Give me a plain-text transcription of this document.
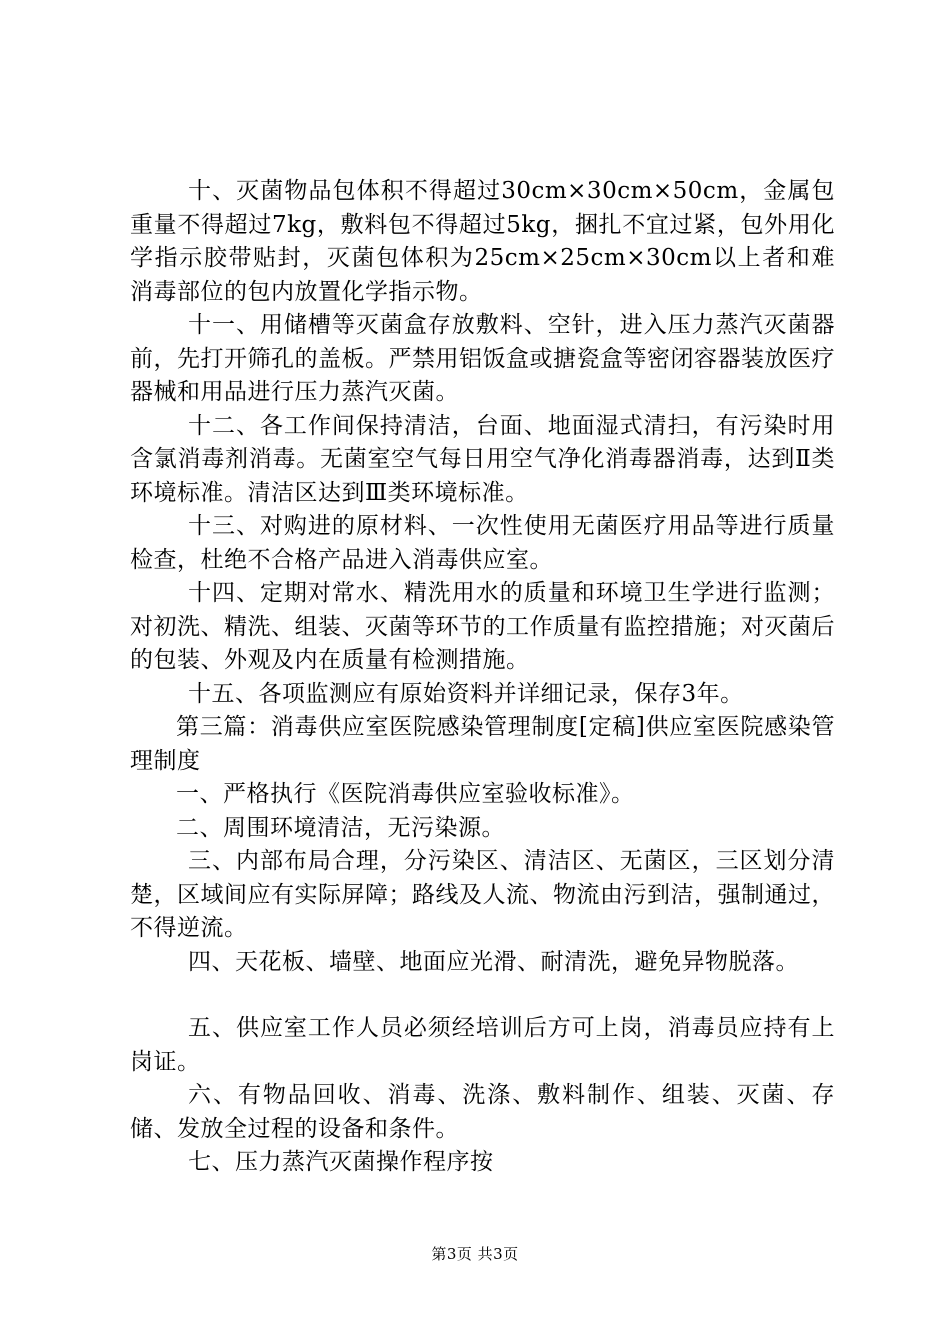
十、灭菌物品包体积不得超过30cm×30cm×50cm，金属包重量不得超过7kg，敷料包不得超过5kg，捆扎不宜过紧，包外用化学指示胶带贴封，灭菌包体积为25cm×25cm×30cm以上者和难消毒部位的包内放置化学指示物。

十一、用储槽等灭菌盒存放敷料、空针，进入压力蒸汽灭菌器前，先打开筛孔的盖板。严禁用铝饭盒或搪瓷盒等密闭容器装放医疗器械和用品进行压力蒸汽灭菌。

十二、各工作间保持清洁，台面、地面湿式清扫，有污染时用含氯消毒剂消毒。无菌室空气每日用空气净化消毒器消毒，达到Ⅱ类环境标准。清洁区达到Ⅲ类环境标准。

十三、对购进的原材料、一次性使用无菌医疗用品等进行质量检查，杜绝不合格产品进入消毒供应室。

十四、定期对常水、精洗用水的质量和环境卫生学进行监测；对初洗、精洗、组装、灭菌等环节的工作质量有监控措施；对灭菌后的包装、外观及内在质量有检测措施。

十五、各项监测应有原始资料并详细记录，保存3年。

第三篇：消毒供应室医院感染管理制度[定稿]供应室医院感染管理制度

一、严格执行《医院消毒供应室验收标准》。

二、周围环境清洁，无污染源。

三、内部布局合理，分污染区、清洁区、无菌区，三区划分清楚，区域间应有实际屏障；路线及人流、物流由污到洁，强制通过，不得逆流。

四、天花板、墙壁、地面应光滑、耐清洗，避免异物脱落。

五、供应室工作人员必须经培训后方可上岗，消毒员应持有上岗证。

六、有物品回收、消毒、洗涤、敷料制作、组装、灭菌、存储、发放全过程的设备和条件。

七、压力蒸汽灭菌操作程序按

第3页 共3页
